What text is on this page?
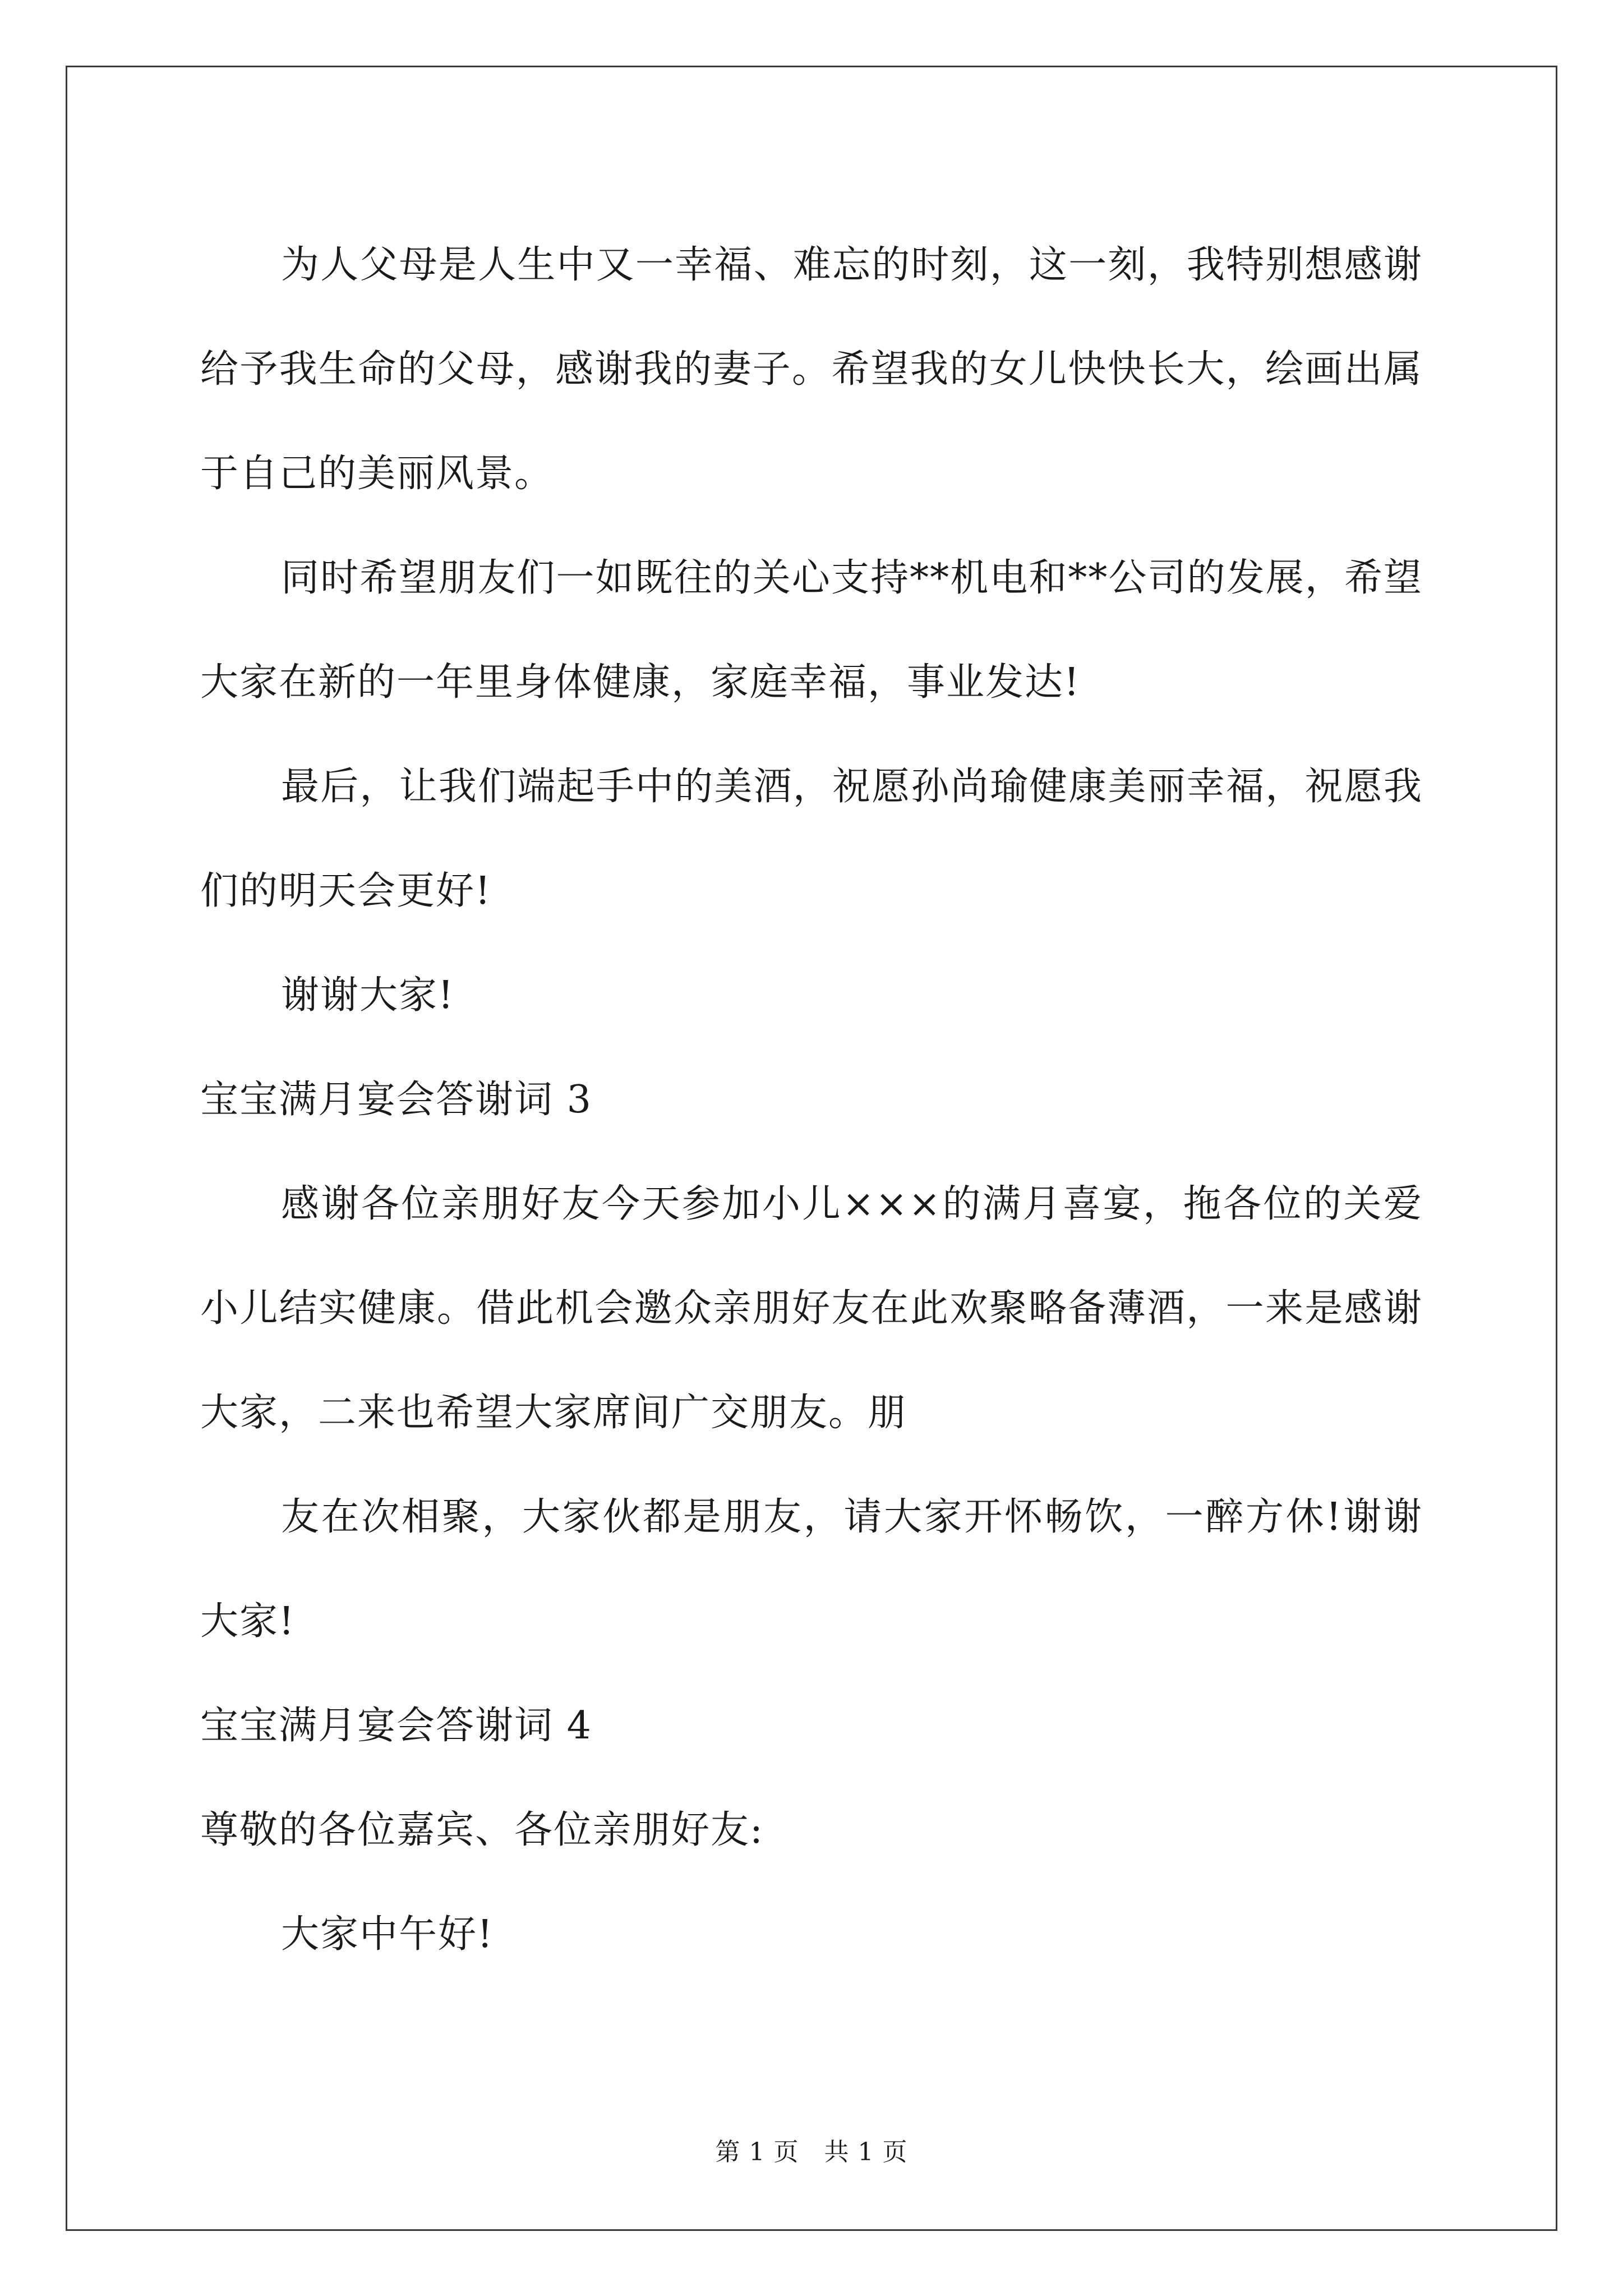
为人父母是人生中又一幸福、难忘的时刻，这一刻，我特别想感谢给予我生命的父母，感谢我的妻子。希望我的女儿快快长大，绘画出属于自己的美丽风景。

同时希望朋友们一如既往的关心支持**机电和**公司的发展，希望大家在新的一年里身体健康，家庭幸福，事业发达!

最后，让我们端起手中的美酒，祝愿孙尚瑜健康美丽幸福，祝愿我们的明天会更好!

谢谢大家!

宝宝满月宴会答谢词 3

感谢各位亲朋好友今天参加小儿×××的满月喜宴，拖各位的关爱小儿结实健康。借此机会邀众亲朋好友在此欢聚略备薄酒，一来是感谢大家，二来也希望大家席间广交朋友。朋

友在次相聚，大家伙都是朋友，请大家开怀畅饮，一醉方休!谢谢大家!

宝宝满月宴会答谢词 4

尊敬的各位嘉宾、各位亲朋好友:

大家中午好!

第 1 页　共 1 页
